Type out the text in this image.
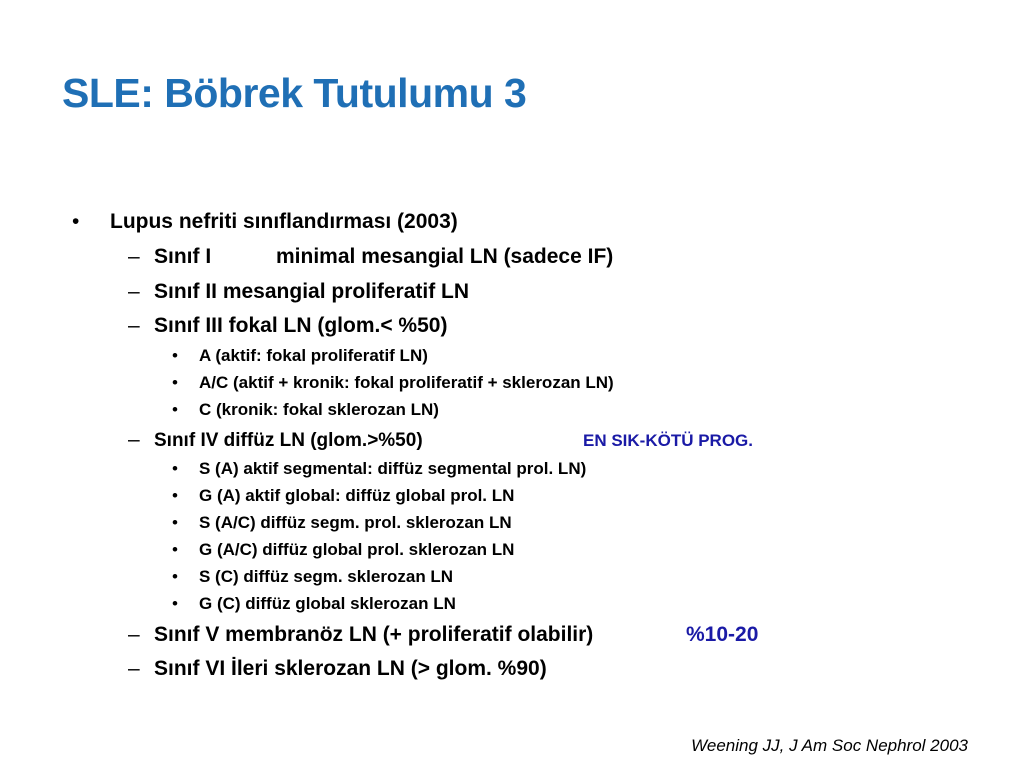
SLE: Böbrek Tutulumu 3
• Lupus nefriti sınıflandırması (2003)
– Sınıf I	minimal mesangial LN (sadece IF)
– Sınıf II mesangial proliferatif LN
– Sınıf III fokal LN (glom.< %50)
• A (aktif: fokal proliferatif LN)
• A/C (aktif + kronik: fokal proliferatif + sklerozan LN)
• C (kronik: fokal sklerozan LN)
– Sınıf IV diffüz LN (glom.>%50)	EN SIK-KÖTÜ PROG.
• S (A) aktif segmental: diffüz segmental prol. LN)
• G (A) aktif global: diffüz global prol. LN
• S (A/C) diffüz segm. prol. sklerozan LN
• G (A/C) diffüz global prol. sklerozan LN
• S (C) diffüz segm. sklerozan LN
• G (C) diffüz global sklerozan LN
– Sınıf V membranöz LN (+ proliferatif olabilir)	%10-20
– Sınıf VI İleri sklerozan LN (> glom. %90)
Weening JJ, J Am Soc Nephrol 2003
